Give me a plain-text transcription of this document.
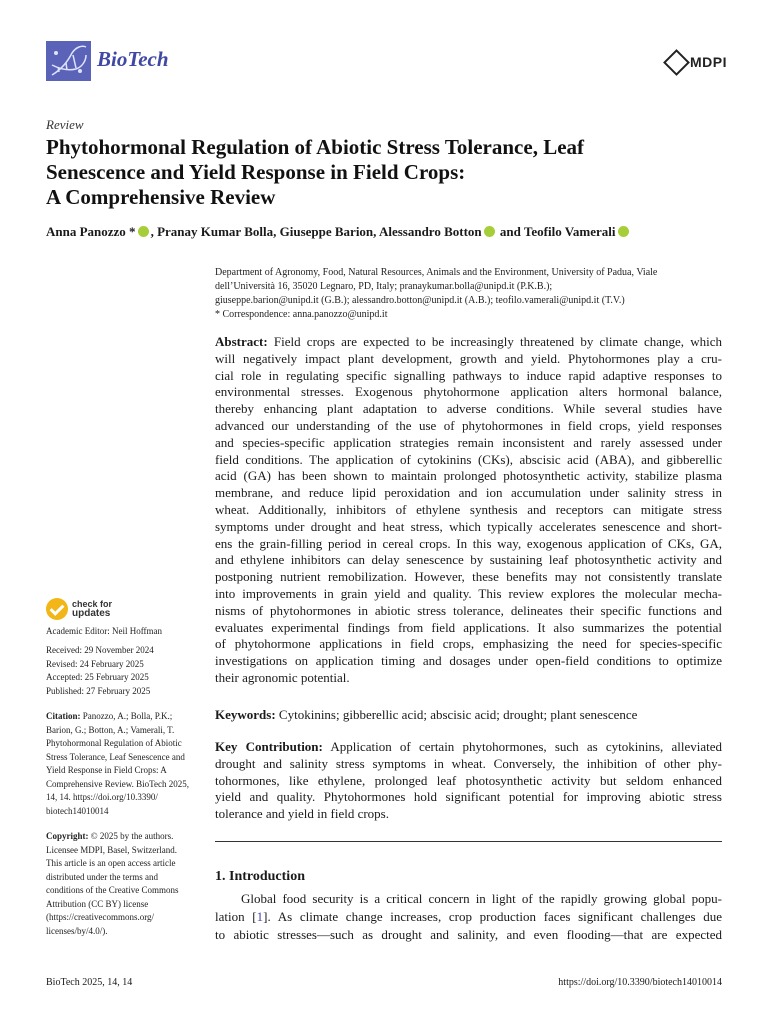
BioTech	MDPI
Review
Phytohormonal Regulation of Abiotic Stress Tolerance, Leaf
Senescence and Yield Response in Field Crops:
A Comprehensive Review
Anna Panozzo * , Pranay Kumar Bolla, Giuseppe Barion, Alessandro Botton and Teofilo Vamerali
Department of Agronomy, Food, Natural Resources, Animals and the Environment, University of Padua, Viale
dell’Università 16, 35020 Legnaro, PD, Italy; pranaykumar.bolla@unipd.it (P.K.B.);
giuseppe.barion@unipd.it (G.B.); alessandro.botton@unipd.it (A.B.); teofilo.vamerali@unipd.it (T.V.)
* Correspondence: anna.panozzo@unipd.it
Abstract: Field crops are expected to be increasingly threatened by climate change, which
will negatively impact plant development, growth and yield. Phytohormones play a cru-
cial role in regulating specific signalling pathways to induce rapid adaptive responses to
environmental stresses. Exogenous phytohormone application alters hormonal balance,
thereby enhancing plant adaptation to adverse conditions. While several studies have
advanced our understanding of the use of phytohormones in field crops, yield responses
and species-specific application strategies remain inconsistent and rarely assessed under
field conditions. The application of cytokinins (CKs), abscisic acid (ABA), and gibberellic
acid (GA) has been shown to maintain prolonged photosynthetic activity, stabilize plasma
membrane, and reduce lipid peroxidation and ion accumulation under salinity stress in
wheat. Additionally, inhibitors of ethylene synthesis and receptors can mitigate stress
symptoms under drought and heat stress, which typically accelerates senescence and short-
ens the grain-filling period in cereal crops. In this way, exogenous application of CKs, GA,
and ethylene inhibitors can delay senescence by sustaining leaf photosynthetic activity and
postponing nutrient remobilization. However, these benefits may not consistently translate
into improvements in grain yield and quality. This review explores the molecular mecha-
nisms of phytohormones in abiotic stress tolerance, delineates their specific functions and
evaluates experimental findings from field applications. It also summarizes the potential
of phytohormone applications in field crops, emphasizing the need for species-specific
investigations on application timing and dosages under open-field conditions to optimize
their agronomic potential.
Keywords: Cytokinins; gibberellic acid; abscisic acid; drought; plant senescence
Key Contribution: Application of certain phytohormones, such as cytokinins, alleviated
drought and salinity stress symptoms in wheat. Conversely, the inhibition of other phy-
tohormones, like ethylene, prolonged leaf photosynthetic activity but seldom enhanced
yield and quality. Phytohormones hold significant potential for improving abiotic stress
tolerance and yield in field crops.
1. Introduction
Global food security is a critical concern in light of the rapidly growing global popu-
lation [1]. As climate change increases, crop production faces significant challenges due
to abiotic stresses—such as drought and salinity, and even flooding—that are expected
check for
updates
Academic Editor: Neil Hoffman
Received: 29 November 2024
Revised: 24 February 2025
Accepted: 25 February 2025
Published: 27 February 2025
Citation: Panozzo, A.; Bolla, P.K.;
Barion, G.; Botton, A.; Vamerali, T.
Phytohormonal Regulation of Abiotic
Stress Tolerance, Leaf Senescence and
Yield Response in Field Crops: A
Comprehensive Review. BioTech 2025,
14, 14. https://doi.org/10.3390/
biotech14010014
Copyright: © 2025 by the authors.
Licensee MDPI, Basel, Switzerland.
This article is an open access article
distributed under the terms and
conditions of the Creative Commons
Attribution (CC BY) license
(https://creativecommons.org/
licenses/by/4.0/).
BioTech 2025, 14, 14	https://doi.org/10.3390/biotech14010014
